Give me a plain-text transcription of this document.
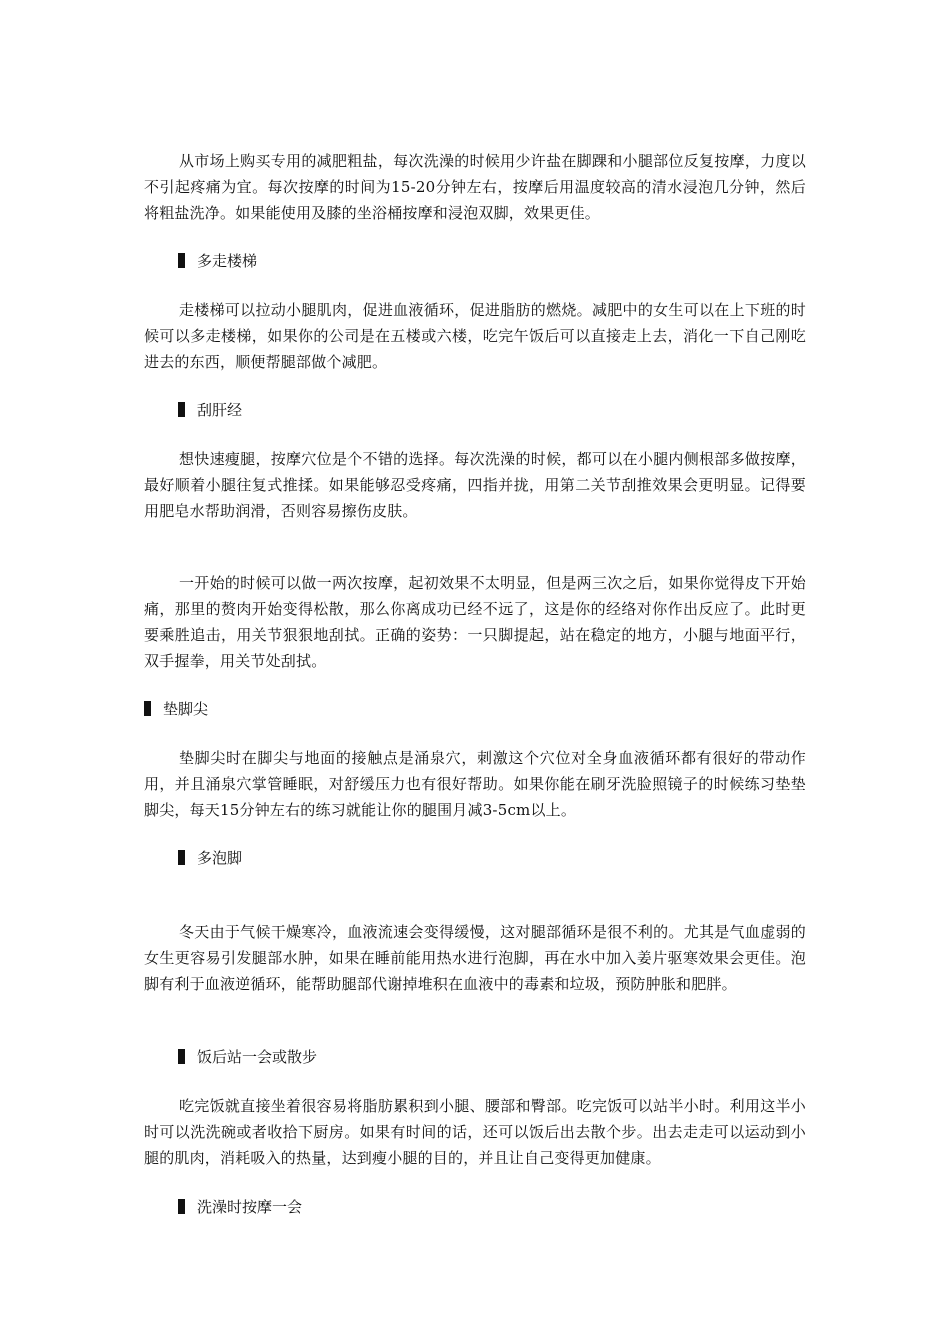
从市场上购买专用的减肥粗盐，每次洗澡的时候用少许盐在脚踝和小腿部位反复按摩，力度以不引起疼痛为宜。每次按摩的时间为15-20分钟左右，按摩后用温度较高的清水浸泡几分钟，然后将粗盐洗净。如果能使用及膝的坐浴桶按摩和浸泡双脚，效果更佳。

多走楼梯

走楼梯可以拉动小腿肌肉，促进血液循环，促进脂肪的燃烧。减肥中的女生可以在上下班的时候可以多走楼梯，如果你的公司是在五楼或六楼，吃完午饭后可以直接走上去，消化一下自己刚吃进去的东西，顺便帮腿部做个减肥。

刮肝经

想快速瘦腿，按摩穴位是个不错的选择。每次洗澡的时候，都可以在小腿内侧根部多做按摩，最好顺着小腿往复式推揉。如果能够忍受疼痛，四指并拢，用第二关节刮推效果会更明显。记得要用肥皂水帮助润滑，否则容易擦伤皮肤。

一开始的时候可以做一两次按摩，起初效果不太明显，但是两三次之后，如果你觉得皮下开始痛，那里的赘肉开始变得松散，那么你离成功已经不远了，这是你的经络对你作出反应了。此时更要乘胜追击，用关节狠狠地刮拭。正确的姿势：一只脚提起，站在稳定的地方，小腿与地面平行，双手握拳，用关节处刮拭。

垫脚尖

垫脚尖时在脚尖与地面的接触点是涌泉穴，刺激这个穴位对全身血液循环都有很好的带动作用，并且涌泉穴掌管睡眠，对舒缓压力也有很好帮助。如果你能在刷牙洗脸照镜子的时候练习垫垫脚尖，每天15分钟左右的练习就能让你的腿围月减3-5cm以上。

多泡脚

冬天由于气候干燥寒冷，血液流速会变得缓慢，这对腿部循环是很不利的。尤其是气血虚弱的女生更容易引发腿部水肿，如果在睡前能用热水进行泡脚，再在水中加入姜片驱寒效果会更佳。泡脚有利于血液逆循环，能帮助腿部代谢掉堆积在血液中的毒素和垃圾，预防肿胀和肥胖。

饭后站一会或散步

吃完饭就直接坐着很容易将脂肪累积到小腿、腰部和臀部。吃完饭可以站半小时。利用这半小时可以洗洗碗或者收拾下厨房。如果有时间的话，还可以饭后出去散个步。出去走走可以运动到小腿的肌肉，消耗吸入的热量，达到瘦小腿的目的，并且让自己变得更加健康。

洗澡时按摩一会
